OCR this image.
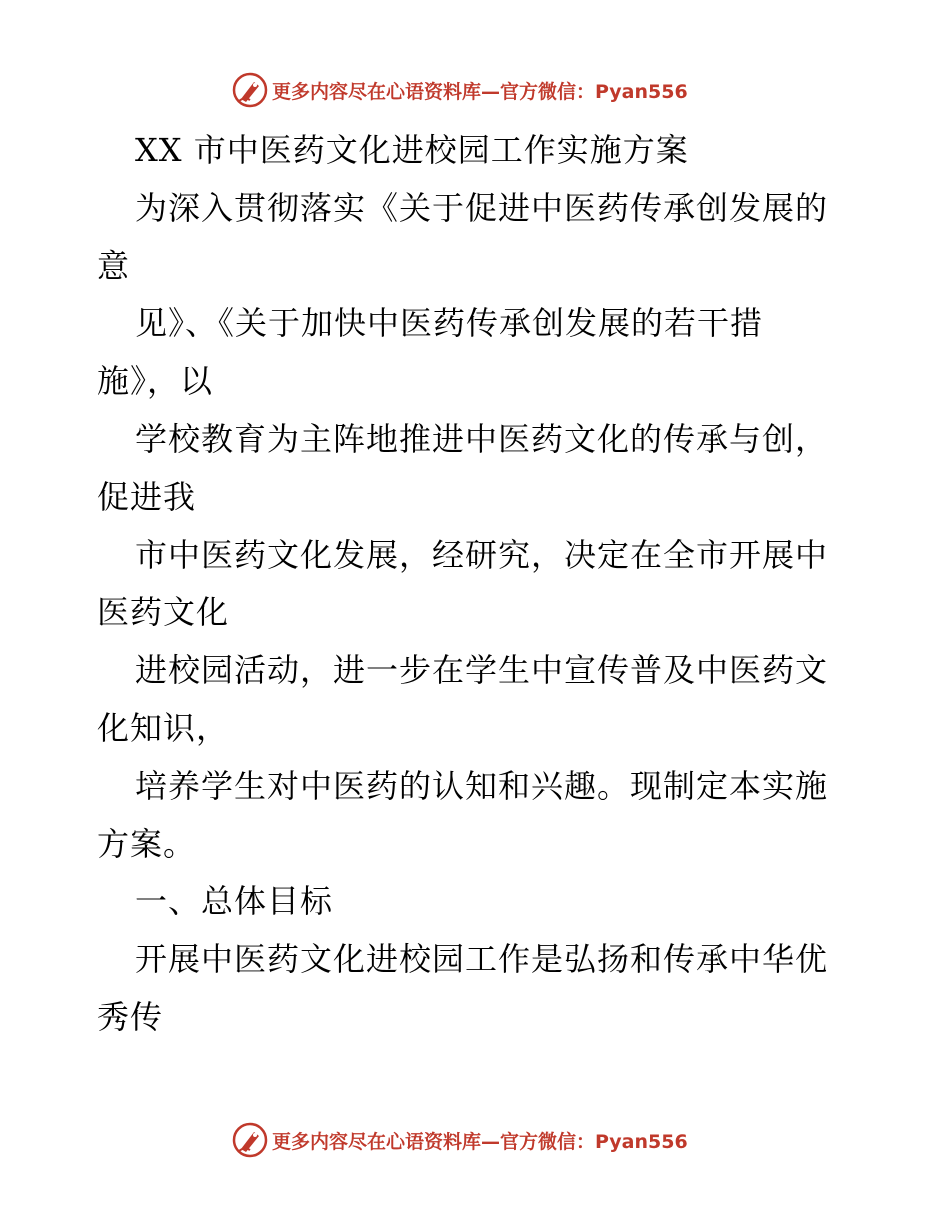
更多内容尽在心语资料库—官方微信：Pyan556
XX 市中医药文化进校园工作实施方案
为深入贯彻落实《关于促进中医药传承创发展的
意
见》、《关于加快中医药传承创发展的若干措
施》，以
学校教育为主阵地推进中医药文化的传承与创，
促进我
市中医药文化发展，经研究，决定在全市开展中
医药文化
进校园活动，进一步在学生中宣传普及中医药文
化知识，
培养学生对中医药的认知和兴趣。现制定本实施
方案。
一、总体目标
开展中医药文化进校园工作是弘扬和传承中华优
秀传
更多内容尽在心语资料库—官方微信：Pyan556
